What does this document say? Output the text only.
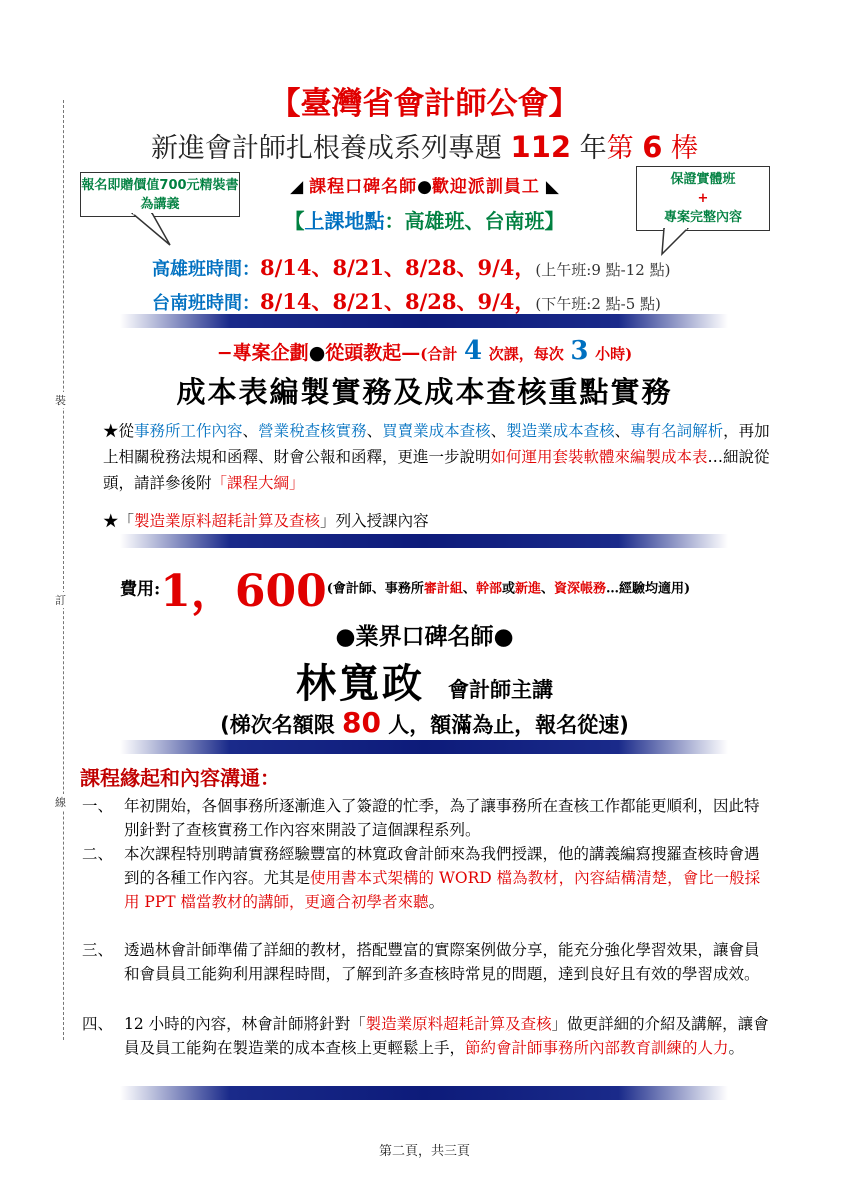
裝
訂
線
【臺灣省會計師公會】
新進會計師扎根養成系列專題 112 年第 6 棒
◢ 課程口碑名師●歡迎派訓員工 ◣
【上課地點：高雄班、台南班】
報名即贈價值700元精裝書為講義
保證實體班
+
專案完整內容
高雄班時間：8/14、8/21、8/28、9/4，(上午班:9 點-12 點)
台南班時間：8/14、8/21、8/28、9/4，(下午班:2 點-5 點)
−專案企劃●從頭教起—(合計 4 次課，每次 3 小時)
成本表編製實務及成本查核重點實務
★從事務所工作內容、營業稅查核實務、買賣業成本查核、製造業成本查核、專有名詞解析，再加上相關稅務法規和函釋、財會公報和函釋，更進一步說明如何運用套裝軟體來編製成本表…細說從頭，請詳參後附「課程大綱」
★「製造業原料超耗計算及查核」列入授課內容
費用:1，600(會計師、事務所審計組、幹部或新進、資深帳務…經驗均適用)
●業界口碑名師●
林寬政 會計師主講
(梯次名額限 80 人，額滿為止，報名從速)
課程緣起和內容溝通：
一、 年初開始，各個事務所逐漸進入了簽證的忙季，為了讓事務所在查核工作都能更順利，因此特別針對了查核實務工作內容來開設了這個課程系列。
二、 本次課程特別聘請實務經驗豐富的林寬政會計師來為我們授課，他的講義編寫搜羅查核時會遇到的各種工作內容。尤其是使用書本式架構的 WORD 檔為教材，內容結構清楚，會比一般採用 PPT 檔當教材的講師，更適合初學者來聽。
三、 透過林會計師準備了詳細的教材，搭配豐富的實際案例做分享，能充分強化學習效果，讓會員和會員員工能夠利用課程時間，了解到許多查核時常見的問題，達到良好且有效的學習成效。
四、 12 小時的內容，林會計師將針對「製造業原料超耗計算及查核」做更詳細的介紹及講解，讓會員及員工能夠在製造業的成本查核上更輕鬆上手，節約會計師事務所內部教育訓練的人力。
第二頁，共三頁
